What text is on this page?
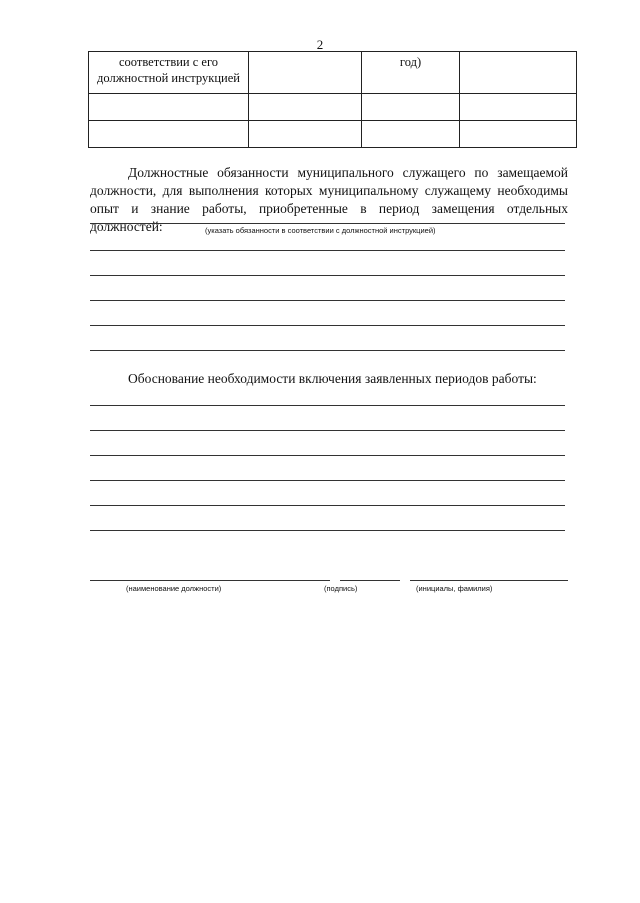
2
соответствии с его должностной инструкцией		год)	

Должностные обязанности муниципального служащего по замещаемой должности, для выполнения которых муниципальному служащему необходимы опыт и знание работы, приобретенные в период замещения отдельных должностей:	(указать обязанности в соответствии с должностной инструкцией)

Обоснование необходимости включения заявленных периодов работы:

(наименование должности)	(подпись)	(инициалы, фамилия)
